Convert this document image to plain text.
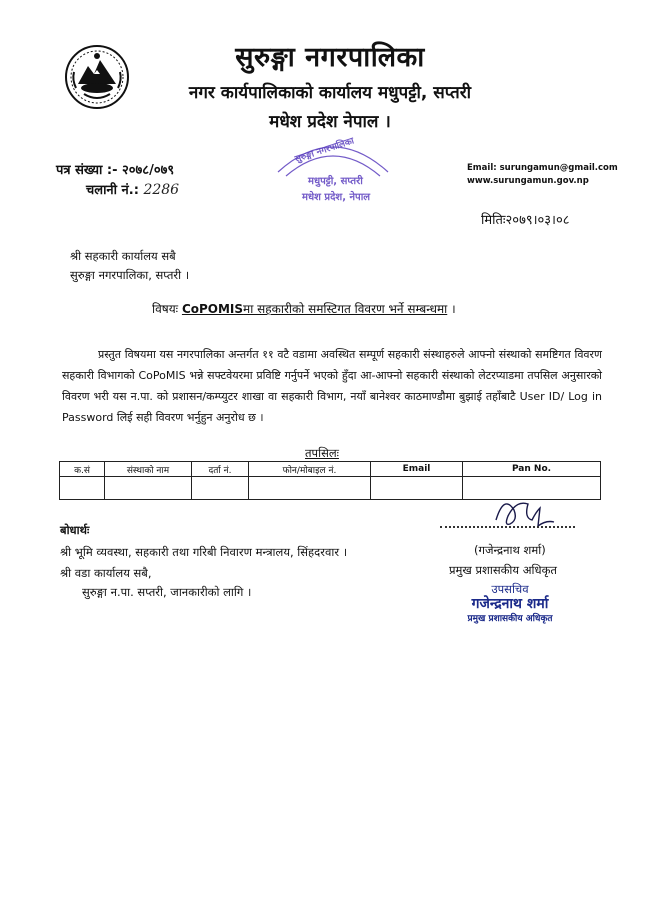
सुरुङ्गा नगरपालिका
नगर कार्यपालिकाको कार्यालय मधुपट्टी, सप्तरी
मधेश प्रदेश नेपाल ।
पत्र संख्या :- २०७८/०७९
चलानी नं.: 2286
सुरुङ्गा नगरपालिका
मधुपट्टी, सप्तरी
मधेश प्रदेश, नेपाल
Email: surungamun@gmail.com
www.surungamun.gov.np
मितिः२०७९।०३।०८
श्री सहकारी कार्यालय सबै
सुरुङ्गा नगरपालिका, सप्तरी ।
विषयः CoPOMISमा सहकारीको समस्टिगत विवरण भर्ने सम्बन्धमा ।

प्रस्तुत विषयमा यस नगरपालिका अन्तर्गत ११ वटै वडामा अवस्थित सम्पूर्ण सहकारी संस्थाहरुले आफ्नो संस्थाको समष्टिगत विवरण सहकारी विभागको CoPoMIS भन्ने सफ्टवेयरमा प्रविष्टि गर्नुपर्ने भएको हुँदा आ-आफ्नो सहकारी संस्थाको लेटरप्याडमा तपसिल अनुसारको विवरण भरी यस न.पा. को प्रशासन/कम्प्युटर शाखा वा सहकारी विभाग, नयाँ बानेश्वर काठमाण्डौमा बुझाई तहाँबाटै User ID/ Log in Password लिई सही विवरण भर्नुहुन अनुरोध छ ।

तपसिलः
क.सं	संस्थाको नाम	दर्ता नं.	फोन/मोबाइल नं.	Email	Pan No.

बोधार्थः
श्री भूमि व्यवस्था, सहकारी तथा गरिबी निवारण मन्त्रालय, सिंहदरवार ।
श्री वडा कार्यालय सबै,
सुरुङ्गा न.पा. सप्तरी, जानकारीको लागि ।
(गजेन्द्रनाथ शर्मा)
प्रमुख प्रशासकीय अधिकृत
उपसचिव
गजेन्द्रनाथ शर्मा
प्रमुख प्रशासकीय अधिकृत
